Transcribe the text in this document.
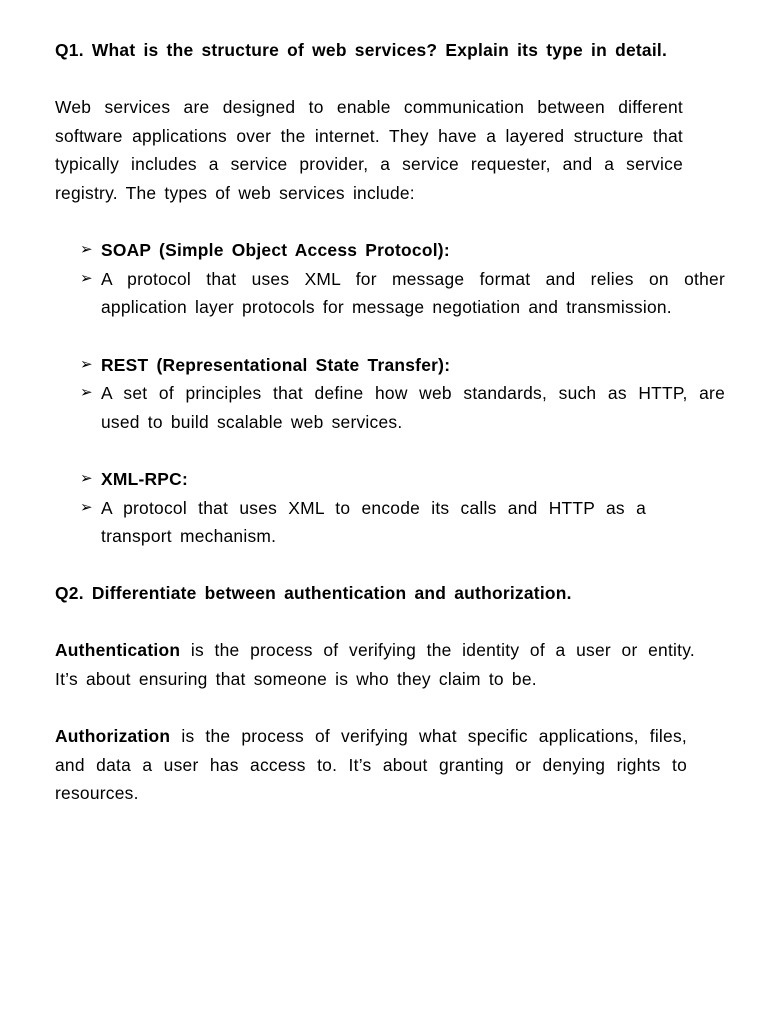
Q1. What is the structure of web services? Explain its type in detail.

Web services are designed to enable communication between different software applications over the internet. They have a layered structure that typically includes a service provider, a service requester, and a service registry. The types of web services include:

➢ SOAP (Simple Object Access Protocol):

➢ A protocol that uses XML for message format and relies on other application layer protocols for message negotiation and transmission.

➢ REST (Representational State Transfer):

➢ A set of principles that define how web standards, such as HTTP, are used to build scalable web services.

➢ XML-RPC:

➢ A protocol that uses XML to encode its calls and HTTP as a transport mechanism.

Q2. Differentiate between authentication and authorization.

Authentication is the process of verifying the identity of a user or entity. It’s about ensuring that someone is who they claim to be.

Authorization is the process of verifying what specific applications, files, and data a user has access to. It’s about granting or denying rights to resources.
